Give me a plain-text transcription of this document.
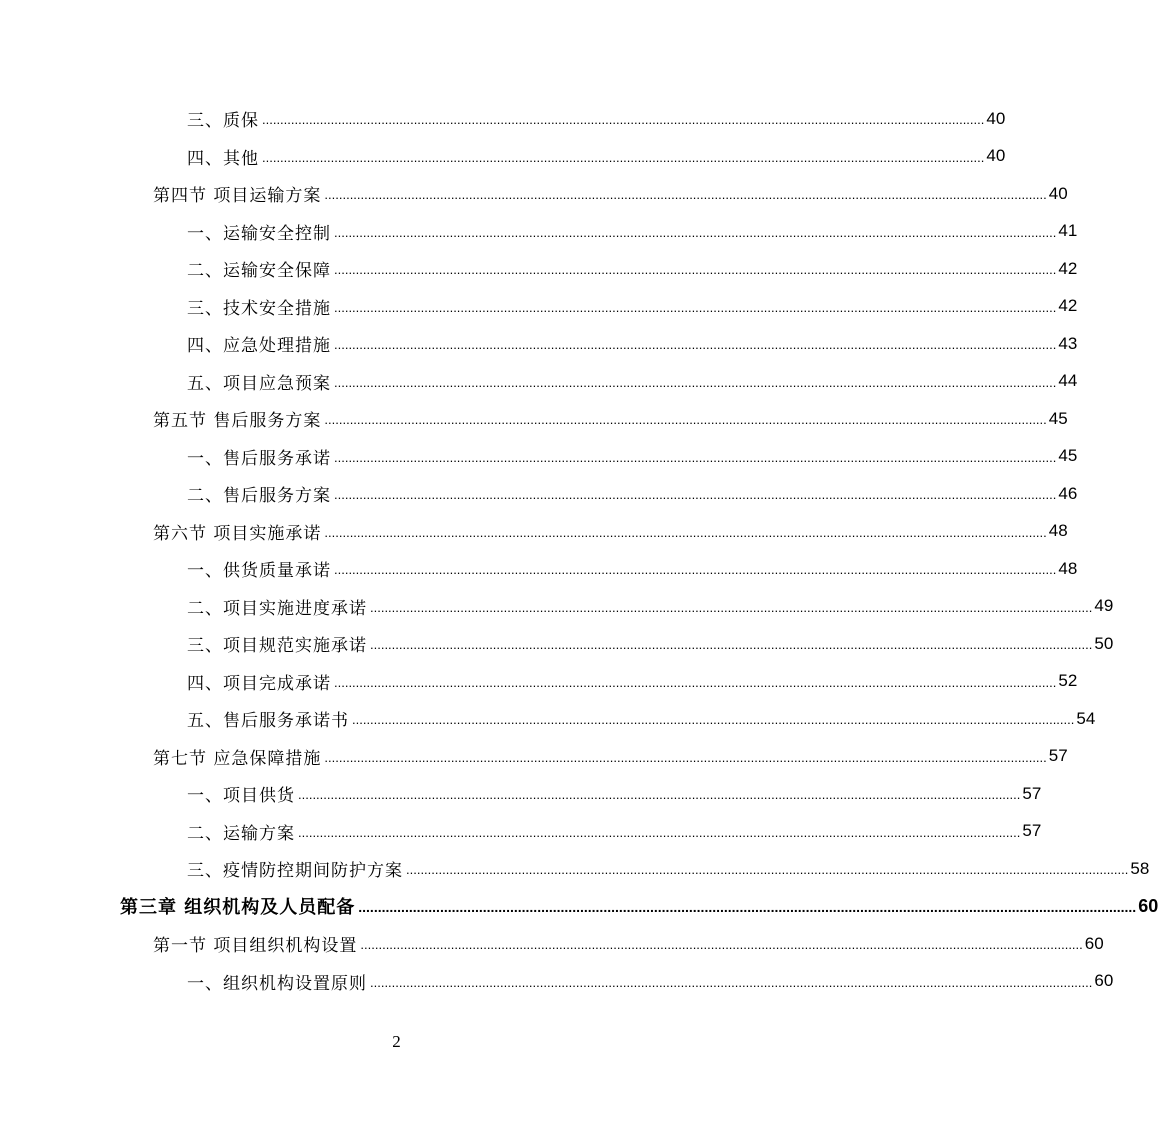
三、质保 ........................................................................................................................................................................................................ 40
四、其他 ........................................................................................................................................................................................................ 40
第四节 项目运输方案 ........................................................................................................................................................................................................ 40
一、运输安全控制 ........................................................................................................................................................................................................ 41
二、运输安全保障 ........................................................................................................................................................................................................ 42
三、技术安全措施 ........................................................................................................................................................................................................ 42
四、应急处理措施 ........................................................................................................................................................................................................ 43
五、项目应急预案 ........................................................................................................................................................................................................ 44
第五节 售后服务方案 ........................................................................................................................................................................................................ 45
一、售后服务承诺 ........................................................................................................................................................................................................ 45
二、售后服务方案 ........................................................................................................................................................................................................ 46
第六节 项目实施承诺 ........................................................................................................................................................................................................ 48
一、供货质量承诺 ........................................................................................................................................................................................................ 48
二、项目实施进度承诺 ........................................................................................................................................................................................................ 49
三、项目规范实施承诺 ........................................................................................................................................................................................................ 50
四、项目完成承诺 ........................................................................................................................................................................................................ 52
五、售后服务承诺书 ........................................................................................................................................................................................................ 54
第七节 应急保障措施 ........................................................................................................................................................................................................ 57
一、项目供货 ........................................................................................................................................................................................................ 57
二、运输方案 ........................................................................................................................................................................................................ 57
三、疫情防控期间防护方案 ........................................................................................................................................................................................................ 58
第三章 组织机构及人员配备 ........................................................................................................................................................................................................ 60
第一节 项目组织机构设置 ........................................................................................................................................................................................................ 60
一、组织机构设置原则 ........................................................................................................................................................................................................ 60
2
